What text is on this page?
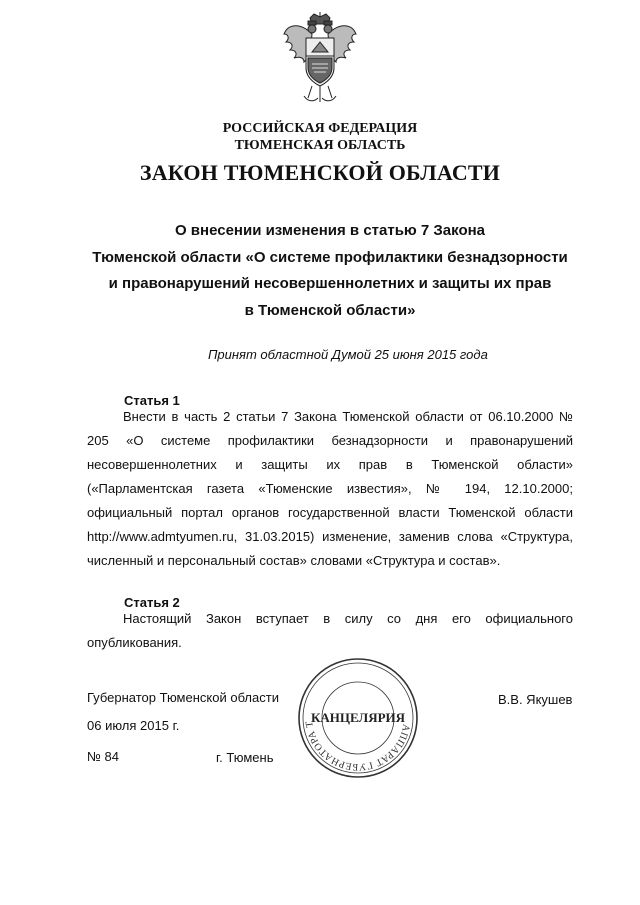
РОССИЙСКАЯ ФЕДЕРАЦИЯ
ТЮМЕНСКАЯ ОБЛАСТЬ
ЗАКОН ТЮМЕНСКОЙ ОБЛАСТИ
О внесении изменения в статью 7 Закона
Тюменской области «О системе профилактики безнадзорности
и правонарушений несовершеннолетних и защиты их прав
в Тюменской области»
Принят областной Думой 25 июня 2015 года
Статья 1
Внести в часть 2 статьи 7 Закона Тюменской области от 06.10.2000 № 205 «О системе профилактики безнадзорности и правонарушений несовершеннолетних и защиты их прав в Тюменской области» («Парламентская газета «Тюменские известия», № 194, 12.10.2000; официальный портал органов государственной власти Тюменской области http://www.admtyumen.ru, 31.03.2015) изменение, заменив слова «Структура, численный и персональный состав» словами «Структура и состав».
Статья 2
Настоящий Закон вступает в силу со дня его официального опубликования.
Губернатор Тюменской области	В.В. Якушев
06 июля 2015 г.
№ 84	г. Тюмень
АППАРАТ ГУБЕРНАТОРА Т
КАНЦЕЛЯРИЯ
